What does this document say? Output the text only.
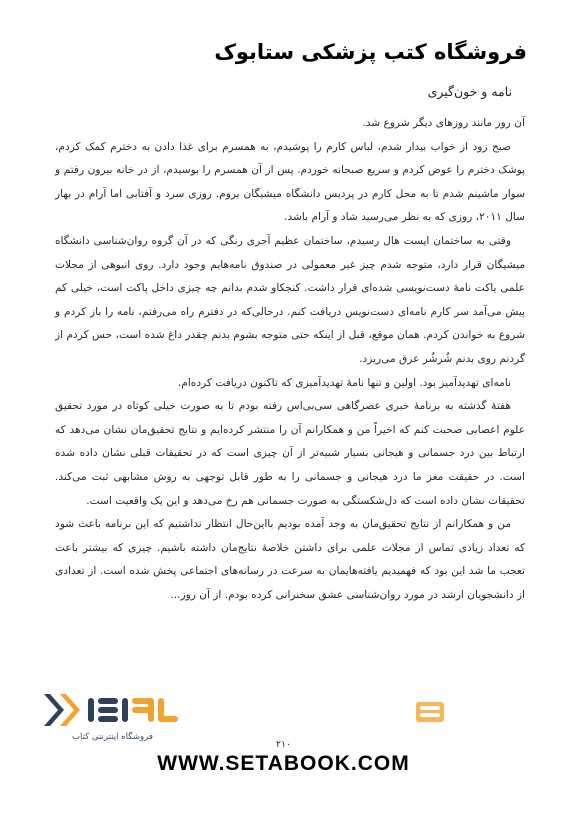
فروشگاه کتب پزشکی ستابوک
نامه و خون‌گیری

آن روز مانند روزهای دیگر شروع شد.

صبح زود از خواب بیدار شدم، لباس کارم را پوشیدم، به همسرم برای غذا دادن به دخترم کمک کردم، پوشک دخترم را عوض کردم و سریع صبحانه خوردم. پس از آن همسرم را بوسیدم، از در خانه بیرون رفتم و سوار ماشینم شدم تا به محل کارم در پردیس دانشگاه میشیگان بروم. روزی سرد و آفتابی اما آرام در بهار سال ۲۰۱۱، روزی که به نظر می‌رسید شاد و آرام باشد.

وقتی به ساختمان ایست هال رسیدم، ساختمان عظیم آجری رنگی که در آن گروه روان‌شناسی دانشگاه میشیگان قرار دارد، متوجه شدم چیز غیر معمولی در صندوق نامه‌هایم وجود دارد. روی انبوهی از مجلات علمی یاکت نامهٔ دست‌نویسی شده‌ای قرار داشت. کنجکاو شدم بدانم چه چیزی داخل پاکت است، خیلی کم پیش می‌آمد سر کارم نامه‌ای دست‌نویس دریافت کنم. درحالی‌که در دفترم راه می‌رفتم، نامه را باز کردم و شروع به خواندن کردم. همان موقع، قبل از اینکه حتی متوجه بشوم بدنم چقدر داغ شده است، حس کردم از گردنم روی بدنم شُرشُر عرق می‌ریزد.

نامه‌ای تهدیدآمیز بود. اولین و تنها نامهٔ تهدیدآمیزی که تاکنون دریافت کرده‌ام.

هفتهٔ گذشته به برنامهٔ خبری عصرگاهی سی‌بی‌اس رفته بودم تا به صورت خیلی کوتاه در مورد تحقیق علوم اعصابی صحبت کنم که اخیراً من و همکارانم آن را منتشر کرده‌ایم و نتایج تحقیق‌مان نشان می‌دهد که ارتباط بین درد جسمانی و هیجانی بسیار شبیه‌تر از آن چیزی است که در تحقیقات قبلی نشان داده شده است. در حقیقت مغز ما درد هیجانی و جسمانی را به طور قابل توجهی به روش مشابهی ثبت می‌کند. تحقیقات نشان داده است که دل‌شکستگی به صورت جسمانی هم رخ می‌دهد و این یک واقعیت است.

من و همکارانم از نتایج تحقیق‌مان به وجد آمده بودیم بااین‌حال انتظار نداشتیم که این برنامه باعث شود که تعداد زیادی تماس از مجلات علمی برای داشتن خلاصهٔ نتایج‌مان داشته باشیم. چیزی که بیشتر باعث تعجب ما شد این بود که فهمیدیم یافته‌هایمان به سرعت در رسانه‌های اجتماعی پخش شده است. از تعدادی از دانشجویان ارشد در مورد روان‌شناسی عشق سخنرانی کرده بودم. از آن روز...

۲۱۰
فروشگاه اینترنتی کتاب
WWW.SETABOOK.COM
